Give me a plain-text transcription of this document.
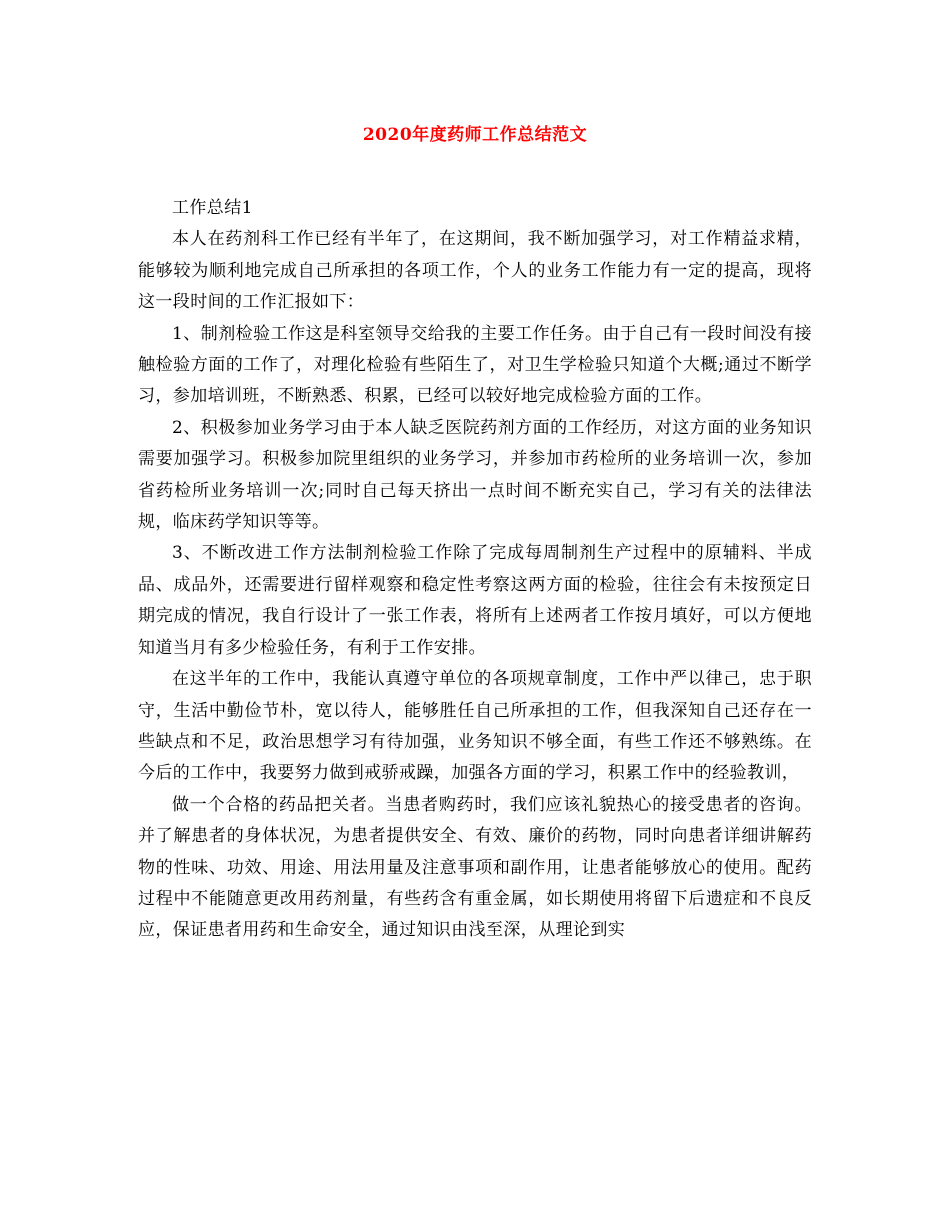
2020年度药师工作总结范文

工作总结1

本人在药剂科工作已经有半年了，在这期间，我不断加强学习，对工作精益求精，能够较为顺利地完成自己所承担的各项工作，个人的业务工作能力有一定的提高，现将这一段时间的工作汇报如下：

1、制剂检验工作这是科室领导交给我的主要工作任务。由于自己有一段时间没有接触检验方面的工作了，对理化检验有些陌生了，对卫生学检验只知道个大概;通过不断学习，参加培训班，不断熟悉、积累，已经可以较好地完成检验方面的工作。

2、积极参加业务学习由于本人缺乏医院药剂方面的工作经历，对这方面的业务知识需要加强学习。积极参加院里组织的业务学习，并参加市药检所的业务培训一次，参加省药检所业务培训一次;同时自己每天挤出一点时间不断充实自己，学习有关的法律法规，临床药学知识等等。

3、不断改进工作方法制剂检验工作除了完成每周制剂生产过程中的原辅料、半成品、成品外，还需要进行留样观察和稳定性考察这两方面的检验，往往会有未按预定日期完成的情况，我自行设计了一张工作表，将所有上述两者工作按月填好，可以方便地知道当月有多少检验任务，有利于工作安排。

在这半年的工作中，我能认真遵守单位的各项规章制度，工作中严以律己，忠于职守，生活中勤俭节朴，宽以待人，能够胜任自己所承担的工作，但我深知自己还存在一些缺点和不足，政治思想学习有待加强，业务知识不够全面，有些工作还不够熟练。在今后的工作中，我要努力做到戒骄戒躁，加强各方面的学习，积累工作中的经验教训，

做一个合格的药品把关者。当患者购药时，我们应该礼貌热心的接受患者的咨询。并了解患者的身体状况，为患者提供安全、有效、廉价的药物，同时向患者详细讲解药物的性味、功效、用途、用法用量及注意事项和副作用，让患者能够放心的使用。配药过程中不能随意更改用药剂量，有些药含有重金属，如长期使用将留下后遗症和不良反应，保证患者用药和生命安全，通过知识由浅至深，从理论到实
